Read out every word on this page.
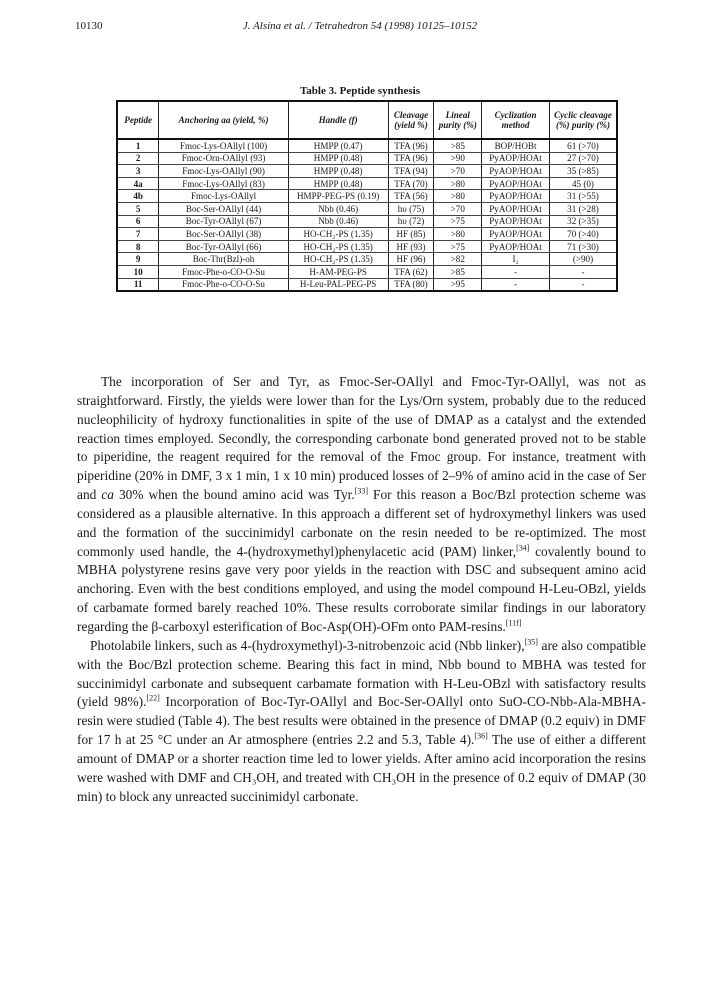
10130	J. Alsina et al. / Tetrahedron 54 (1998) 10125–10152
Table 3. Peptide synthesis
Peptide	Anchoring aa (yield, %)	Handle (f)	Cleavage (yield %)	Lineal purity (%)	Cyclization method	Cyclic cleavage (%) purity (%)
1	Fmoc-Lys-OAllyl (100)	HMPP (0.47)	TFA (96)	>85	BOP/HOBt	61 (>70)
2	Fmoc-Orn-OAllyl (93)	HMPP (0.48)	TFA (96)	>90	PyAOP/HOAt	27 (>70)
3	Fmoc-Lys-OAllyl (90)	HMPP (0.48)	TFA (94)	>70	PyAOP/HOAt	35 (>85)
4a	Fmoc-Lys-OAllyl (83)	HMPP (0.48)	TFA (70)	>80	PyAOP/HOAt	45 (0)
4b	Fmoc-Lys-OAllyl	HMPP-PEG-PS (0.19)	TFA (56)	>80	PyAOP/HOAt	31 (>55)
5	Boc-Ser-OAllyl (44)	Nbb (0.46)	hυ (75)	>70	PyAOP/HOAt	31 (>28)
6	Boc-Tyr-OAllyl (67)	Nbb (0.46)	hυ (72)	>75	PyAOP/HOAt	32 (>35)
7	Boc-Ser-OAllyl (38)	HO-CH₂-PS (1.35)	HF (85)	>80	PyAOP/HOAt	70 (>40)
8	Boc-Tyr-OAllyl (66)	HO-CH₂-PS (1.35)	HF (93)	>75	PyAOP/HOAt	71 (>30)
9	Boc-Thr(Bzl)-oh	HO-CH₂-PS (1.35)	HF (96)	>82	I₂	(>90)
10	Fmoc-Phe-o-CO-O-Su	H-AM-PEG-PS	TFA (62)	>85	-	-
11	Fmoc-Phe-o-CO-O-Su	H-Leu-PAL-PEG-PS	TFA (80)	>95	-	-

The incorporation of Ser and Tyr, as Fmoc-Ser-OAllyl and Fmoc-Tyr-OAllyl, was not as straightforward. Firstly, the yields were lower than for the Lys/Orn system, probably due to the reduced nucleophilicity of hydroxy functionalities in spite of the use of DMAP as a catalyst and the extended reaction times employed. Secondly, the corresponding carbonate bond generated proved not to be stable to piperidine, the reagent required for the removal of the Fmoc group. For instance, treatment with piperidine (20% in DMF, 3 x 1 min, 1 x 10 min) produced losses of 2–9% of amino acid in the case of Ser and ca 30% when the bound amino acid was Tyr.[33] For this reason a Boc/Bzl protection scheme was considered as a plausible alternative. In this approach a different set of hydroxymethyl linkers was used and the formation of the succinimidyl carbonate on the resin needed to be re-optimized. The most commonly used handle, the 4-(hydroxymethyl)phenylacetic acid (PAM) linker,[34] covalently bound to MBHA polystyrene resins gave very poor yields in the reaction with DSC and subsequent amino acid anchoring. Even with the best conditions employed, and using the model compound H-Leu-OBzl, yields of carbamate formed barely reached 10%. These results corroborate similar findings in our laboratory regarding the β-carboxyl esterification of Boc-Asp(OH)-OFm onto PAM-resins.[11f]

Photolabile linkers, such as 4-(hydroxymethyl)-3-nitrobenzoic acid (Nbb linker),[35] are also compatible with the Boc/Bzl protection scheme. Bearing this fact in mind, Nbb bound to MBHA was tested for succinimidyl carbonate and subsequent carbamate formation with H-Leu-OBzl with satisfactory results (yield 98%).[22] Incorporation of Boc-Tyr-OAllyl and Boc-Ser-OAllyl onto SuO-CO-Nbb-Ala-MBHA-resin were studied (Table 4). The best results were obtained in the presence of DMAP (0.2 equiv) in DMF for 17 h at 25 °C under an Ar atmosphere (entries 2.2 and 5.3, Table 4).[36] The use of either a different amount of DMAP or a shorter reaction time led to lower yields. After amino acid incorporation the resins were washed with DMF and CH₃OH, and treated with CH₃OH in the presence of 0.2 equiv of DMAP (30 min) to block any unreacted succinimidyl carbonate.
